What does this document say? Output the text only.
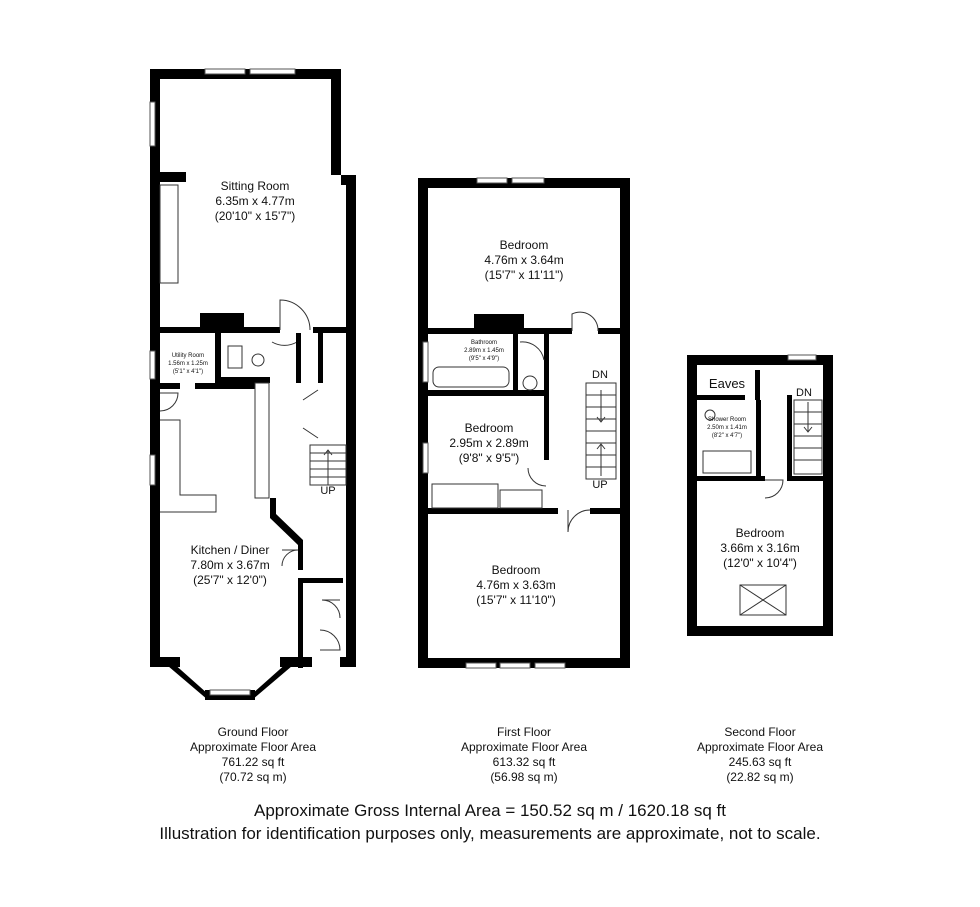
Sitting Room
6.35m x 4.77m
(20'10" x 15'7")
Utility Room
1.56m x 1.25m
(5'1" x 4'1")
Kitchen / Diner
7.80m x 3.67m
(25'7" x 12'0")
UP
DN
UP
Bedroom
4.76m x 3.64m
(15'7" x 11'11")
Bathroom
2.89m x 1.45m
(9'5" x 4'9")
Bedroom
2.95m x 2.89m
(9'8" x 9'5")
Bedroom
4.76m x 3.63m
(15'7" x 11'10")
Eaves
DN
Shower Room
2.50m x 1.41m
(8'2" x 4'7")
Bedroom
3.66m x 3.16m
(12'0" x 10'4")
Ground Floor
Approximate Floor Area
761.22 sq ft
(70.72 sq m)
First Floor
Approximate Floor Area
613.32 sq ft
(56.98 sq m)
Second Floor
Approximate Floor Area
245.63 sq ft
(22.82 sq m)
Approximate Gross Internal Area = 150.52 sq m / 1620.18 sq ft
Illustration for identification purposes only, measurements are approximate, not to scale.
